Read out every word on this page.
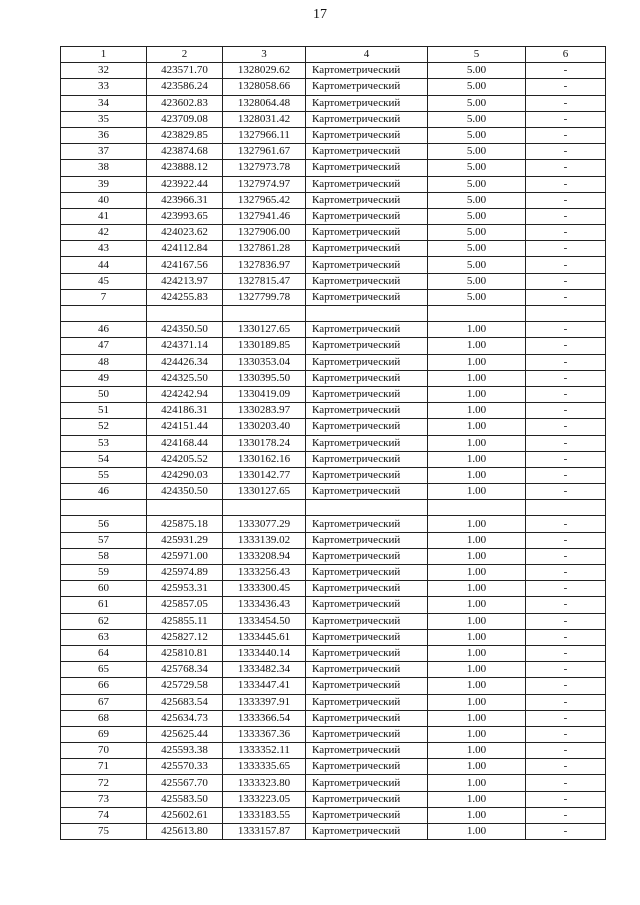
17
1	2	3	4	5	6
32	423571.70	1328029.62	Картометрический	5.00	-
33	423586.24	1328058.66	Картометрический	5.00	-
34	423602.83	1328064.48	Картометрический	5.00	-
35	423709.08	1328031.42	Картометрический	5.00	-
36	423829.85	1327966.11	Картометрический	5.00	-
37	423874.68	1327961.67	Картометрический	5.00	-
38	423888.12	1327973.78	Картометрический	5.00	-
39	423922.44	1327974.97	Картометрический	5.00	-
40	423966.31	1327965.42	Картометрический	5.00	-
41	423993.65	1327941.46	Картометрический	5.00	-
42	424023.62	1327906.00	Картометрический	5.00	-
43	424112.84	1327861.28	Картометрический	5.00	-
44	424167.56	1327836.97	Картометрический	5.00	-
45	424213.97	1327815.47	Картометрический	5.00	-
7	424255.83	1327799.78	Картометрический	5.00	-

46	424350.50	1330127.65	Картометрический	1.00	-
47	424371.14	1330189.85	Картометрический	1.00	-
48	424426.34	1330353.04	Картометрический	1.00	-
49	424325.50	1330395.50	Картометрический	1.00	-
50	424242.94	1330419.09	Картометрический	1.00	-
51	424186.31	1330283.97	Картометрический	1.00	-
52	424151.44	1330203.40	Картометрический	1.00	-
53	424168.44	1330178.24	Картометрический	1.00	-
54	424205.52	1330162.16	Картометрический	1.00	-
55	424290.03	1330142.77	Картометрический	1.00	-
46	424350.50	1330127.65	Картометрический	1.00	-

56	425875.18	1333077.29	Картометрический	1.00	-
57	425931.29	1333139.02	Картометрический	1.00	-
58	425971.00	1333208.94	Картометрический	1.00	-
59	425974.89	1333256.43	Картометрический	1.00	-
60	425953.31	1333300.45	Картометрический	1.00	-
61	425857.05	1333436.43	Картометрический	1.00	-
62	425855.11	1333454.50	Картометрический	1.00	-
63	425827.12	1333445.61	Картометрический	1.00	-
64	425810.81	1333440.14	Картометрический	1.00	-
65	425768.34	1333482.34	Картометрический	1.00	-
66	425729.58	1333447.41	Картометрический	1.00	-
67	425683.54	1333397.91	Картометрический	1.00	-
68	425634.73	1333366.54	Картометрический	1.00	-
69	425625.44	1333367.36	Картометрический	1.00	-
70	425593.38	1333352.11	Картометрический	1.00	-
71	425570.33	1333335.65	Картометрический	1.00	-
72	425567.70	1333323.80	Картометрический	1.00	-
73	425583.50	1333223.05	Картометрический	1.00	-
74	425602.61	1333183.55	Картометрический	1.00	-
75	425613.80	1333157.87	Картометрический	1.00	-
